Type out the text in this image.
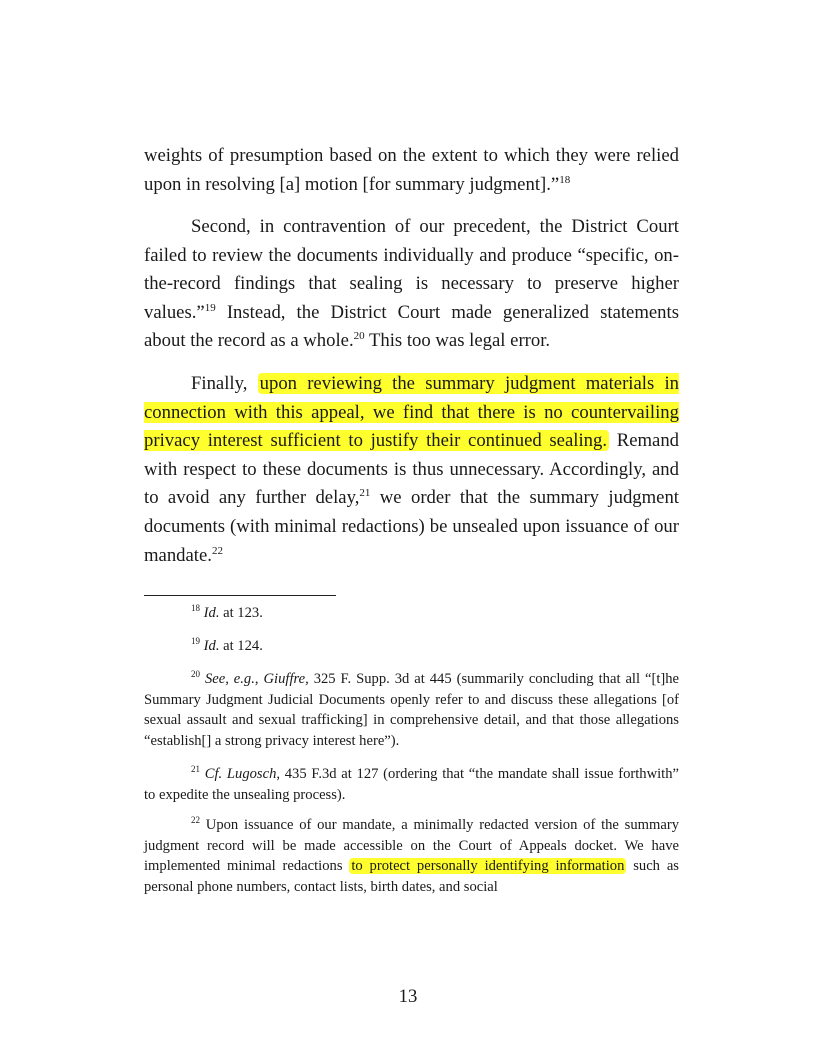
weights of presumption based on the extent to which they were relied upon in resolving [a] motion [for summary judgment].”$^{18}$

Second, in contravention of our precedent, the District Court failed to review the documents individually and produce “specific, on-the-record findings that sealing is necessary to preserve higher values.”$^{19}$ Instead, the District Court made generalized statements about the record as a whole.$^{20}$ This too was legal error.

Finally, upon reviewing the summary judgment materials in connection with this appeal, we find that there is no countervailing privacy interest sufficient to justify their continued sealing. Remand with respect to these documents is thus unnecessary. Accordingly, and to avoid any further delay,$^{21}$ we order that the summary judgment documents (with minimal redactions) be unsealed upon issuance of our mandate.$^{22}$

$^{18}$ Id. at 123.

$^{19}$ Id. at 124.

$^{20}$ See, e.g., Giuffre, 325 F. Supp. 3d at 445 (summarily concluding that all “[t]he Summary Judgment Judicial Documents openly refer to and discuss these allegations [of sexual assault and sexual trafficking] in comprehensive detail, and that those allegations “establish[] a strong privacy interest here”).

$^{21}$ Cf. Lugosch, 435 F.3d at 127 (ordering that “the mandate shall issue forthwith” to expedite the unsealing process).

$^{22}$ Upon issuance of our mandate, a minimally redacted version of the summary judgment record will be made accessible on the Court of Appeals docket. We have implemented minimal redactions to protect personally identifying information such as personal phone numbers, contact lists, birth dates, and social

13
